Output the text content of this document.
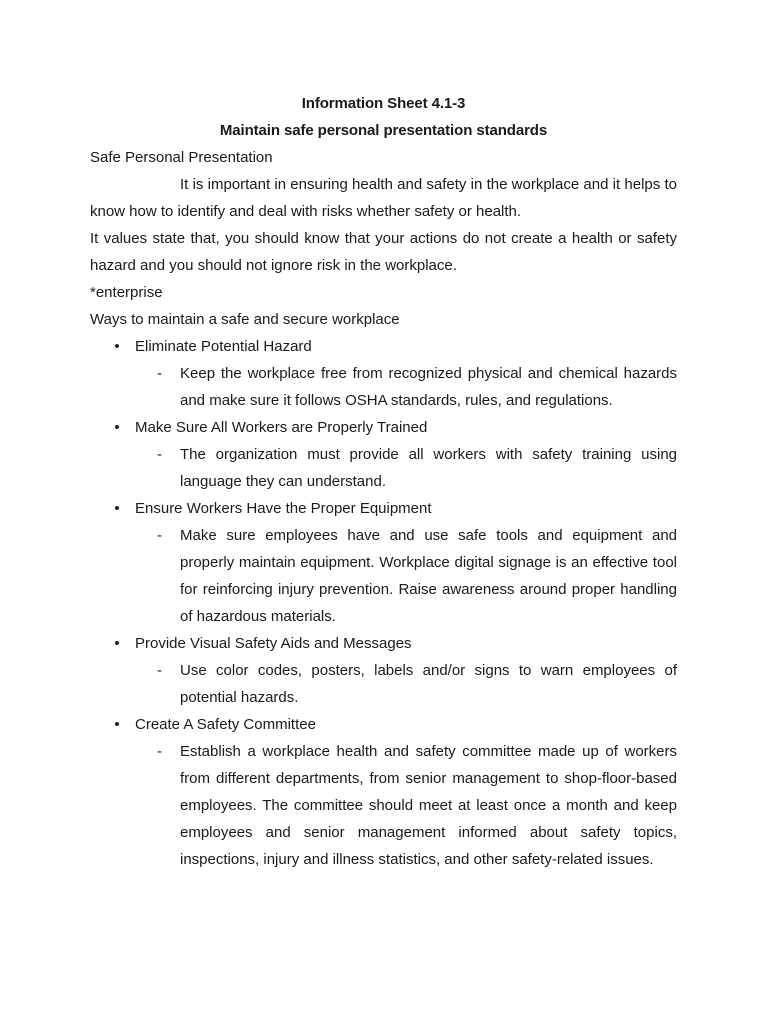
Information Sheet 4.1-3
Maintain safe personal presentation standards
Safe Personal Presentation
It is important in ensuring health and safety in the workplace and it helps to know how to identify and deal with risks whether safety or health.
It values state that, you should know that your actions do not create a health or safety hazard and you should not ignore risk in the workplace.
*enterprise
Ways to maintain a safe and secure workplace
• Eliminate Potential Hazard
- Keep the workplace free from recognized physical and chemical hazards and make sure it follows OSHA standards, rules, and regulations.
• Make Sure All Workers are Properly Trained
- The organization must provide all workers with safety training using language they can understand.
• Ensure Workers Have the Proper Equipment
- Make sure employees have and use safe tools and equipment and properly maintain equipment. Workplace digital signage is an effective tool for reinforcing injury prevention. Raise awareness around proper handling of hazardous materials.
• Provide Visual Safety Aids and Messages
- Use color codes, posters, labels and/or signs to warn employees of potential hazards.
• Create A Safety Committee
- Establish a workplace health and safety committee made up of workers from different departments, from senior management to shop-floor-based employees. The committee should meet at least once a month and keep employees and senior management informed about safety topics, inspections, injury and illness statistics, and other safety-related issues.
